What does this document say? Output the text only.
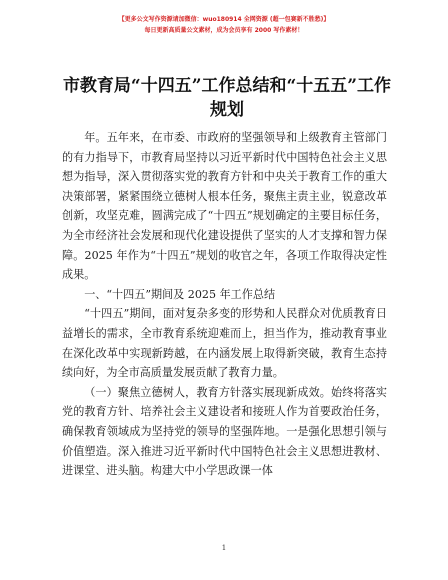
【更多公文写作资源请加微信：wuo180914 全网资源 (超一包赛新不胜愁)】
每日更新高质量公文素材，成为会员享有 2000 写作素材！
市教育局“十四五”工作总结和“十五五”工作规划

年。五年来，在市委、市政府的坚强领导和上级教育主管部门的有力指导下，市教育局坚持以习近平新时代中国特色社会主义思想为指导，深入贯彻落实党的教育方针和中央关于教育工作的重大决策部署，紧紧围绕立德树人根本任务，聚焦主责主业，锐意改革创新，攻坚克难，圆满完成了“十四五”规划确定的主要目标任务，为全市经济社会发展和现代化建设提供了坚实的人才支撑和智力保障。2025 年作为“十四五”规划的收官之年，各项工作取得决定性成果。

一、“十四五”期间及 2025 年工作总结

“十四五”期间，面对复杂多变的形势和人民群众对优质教育日益增长的需求，全市教育系统迎难而上，担当作为，推动教育事业在深化改革中实现新跨越，在内涵发展上取得新突破，教育生态持续向好，为全市高质量发展贡献了教育力量。

（一）聚焦立德树人，教育方针落实展现新成效。始终将落实党的教育方针、培养社会主义建设者和接班人作为首要政治任务，确保教育领域成为坚持党的领导的坚强阵地。一是强化思想引领与价值塑造。深入推进习近平新时代中国特色社会主义思想进教材、进课堂、进头脑。构建大中小学思政课一体

1
